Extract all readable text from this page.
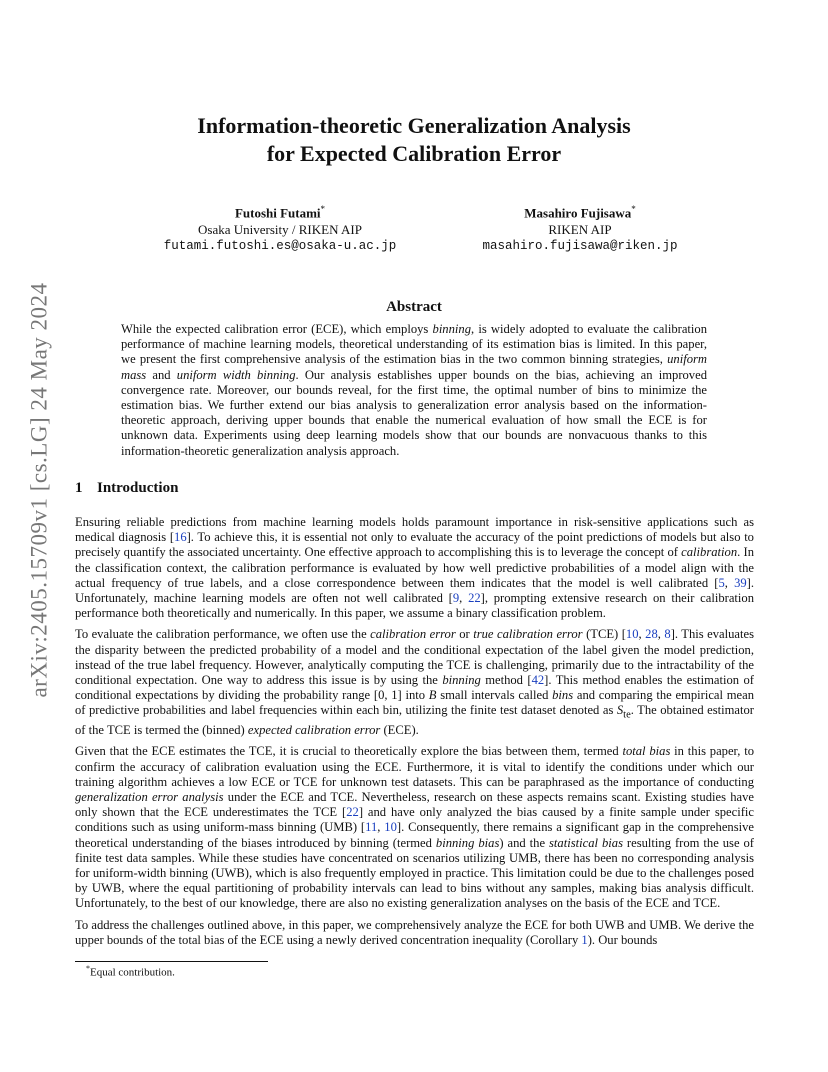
arXiv:2405.15709v1 [cs.LG] 24 May 2024
Information-theoretic Generalization Analysis
for Expected Calibration Error
Futoshi Futami*
Osaka University / RIKEN AIP
futami.futoshi.es@osaka-u.ac.jp
Masahiro Fujisawa*
RIKEN AIP
masahiro.fujisawa@riken.jp
Abstract
While the expected calibration error (ECE), which employs binning, is widely adopted to evaluate the calibration performance of machine learning models, theoretical understanding of its estimation bias is limited. In this paper, we present the first comprehensive analysis of the estimation bias in the two common binning strategies, uniform mass and uniform width binning. Our analysis establishes upper bounds on the bias, achieving an improved convergence rate. Moreover, our bounds reveal, for the first time, the optimal number of bins to minimize the estimation bias. We further extend our bias analysis to generalization error analysis based on the information-theoretic approach, deriving upper bounds that enable the numerical evaluation of how small the ECE is for unknown data. Experiments using deep learning models show that our bounds are nonvacuous thanks to this information-theoretic generalization analysis approach.
1 Introduction

Ensuring reliable predictions from machine learning models holds paramount importance in risk-sensitive applications such as medical diagnosis [16]. To achieve this, it is essential not only to evaluate the accuracy of the point predictions of models but also to precisely quantify the associated uncertainty. One effective approach to accomplishing this is to leverage the concept of calibration. In the classification context, the calibration performance is evaluated by how well predictive probabilities of a model align with the actual frequency of true labels, and a close correspondence between them indicates that the model is well calibrated [5, 39]. Unfortunately, machine learning models are often not well calibrated [9, 22], prompting extensive research on their calibration performance both theoretically and numerically. In this paper, we assume a binary classification problem.

To evaluate the calibration performance, we often use the calibration error or true calibration error (TCE) [10, 28, 8]. This evaluates the disparity between the predicted probability of a model and the conditional expectation of the label given the model prediction, instead of the true label frequency. However, analytically computing the TCE is challenging, primarily due to the intractability of the conditional expectation. One way to address this issue is by using the binning method [42]. This method enables the estimation of conditional expectations by dividing the probability range [0, 1] into B small intervals called bins and comparing the empirical mean of predictive probabilities and label frequencies within each bin, utilizing the finite test dataset denoted as $S_{te}$. The obtained estimator of the TCE is termed the (binned) expected calibration error (ECE).

Given that the ECE estimates the TCE, it is crucial to theoretically explore the bias between them, termed total bias in this paper, to confirm the accuracy of calibration evaluation using the ECE. Furthermore, it is vital to identify the conditions under which our training algorithm achieves a low ECE or TCE for unknown test datasets. This can be paraphrased as the importance of conducting generalization error analysis under the ECE and TCE. Nevertheless, research on these aspects remains scant. Existing studies have only shown that the ECE underestimates the TCE [22] and have only analyzed the bias caused by a finite sample under specific conditions such as using uniform-mass binning (UMB) [11, 10]. Consequently, there remains a significant gap in the comprehensive theoretical understanding of the biases introduced by binning (termed binning bias) and the statistical bias resulting from the use of finite test data samples. While these studies have concentrated on scenarios utilizing UMB, there has been no corresponding analysis for uniform-width binning (UWB), which is also frequently employed in practice. This limitation could be due to the challenges posed by UWB, where the equal partitioning of probability intervals can lead to bins without any samples, making bias analysis difficult. Unfortunately, to the best of our knowledge, there are also no existing generalization analyses on the basis of the ECE and TCE.

To address the challenges outlined above, in this paper, we comprehensively analyze the ECE for both UWB and UMB. We derive the upper bounds of the total bias of the ECE using a newly derived concentration inequality (Corollary 1). Our bounds

*Equal contribution.
